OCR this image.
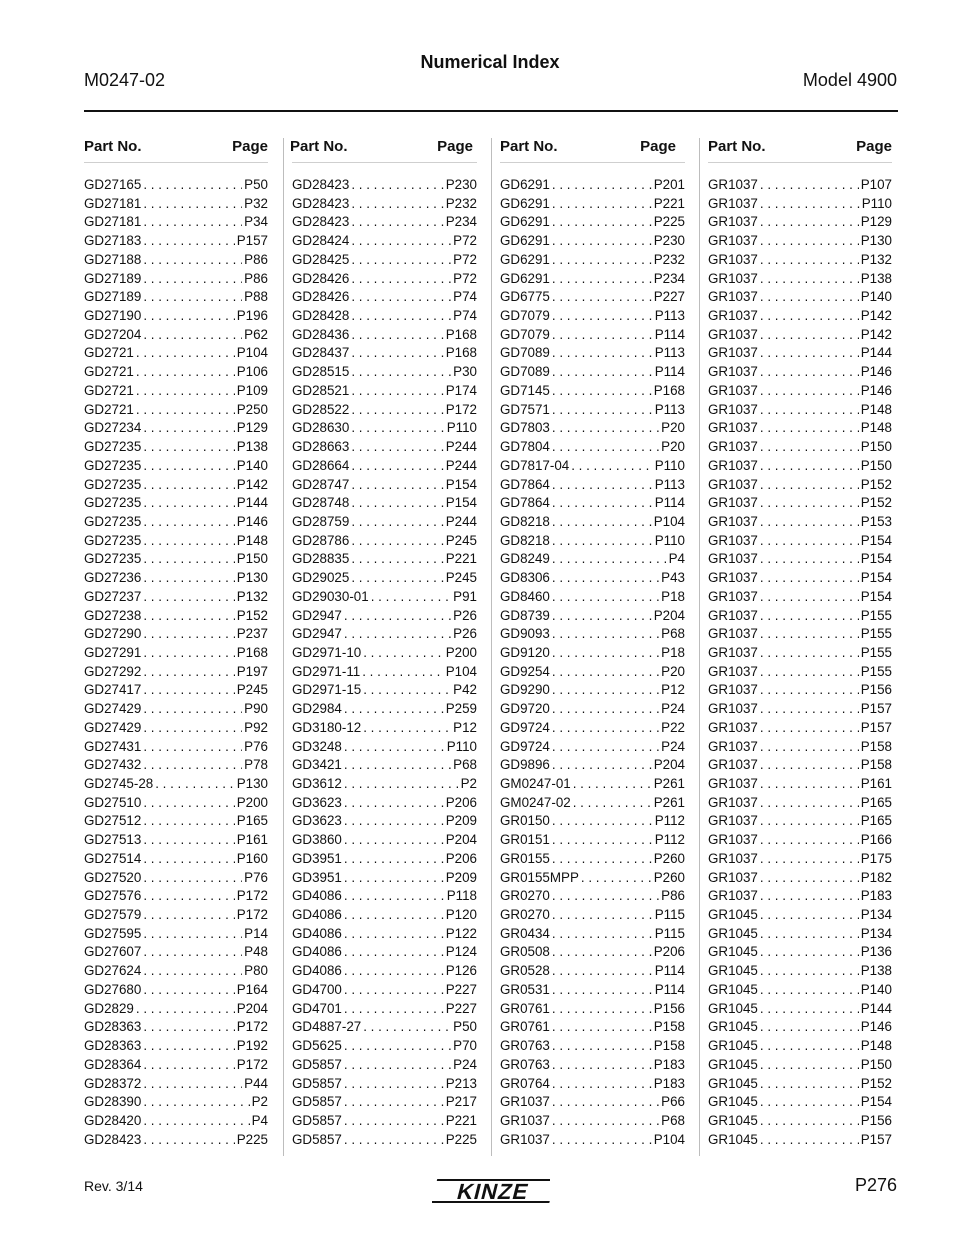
Numerical Index
M0247-02	Model 4900
Part No.	Page
GD27165 . . .	P50
GD27181 . . .	P32
GD27181 . . .	P34
GD27183 . . .	P157
GD27188 . . .	P86
GD27189 . . .	P86
GD27189 . . .	P88
GD27190 . . .	P196
GD27204 . . .	P62
GD2721 . . .	P104
GD2721 . . .	P106
GD2721 . . .	P109
GD2721 . . .	P250
GD27234 . . .	P129
GD27235 . . .	P138
GD27235 . . .	P140
GD27235 . . .	P142
GD27235 . . .	P144
GD27235 . . .	P146
GD27235 . . .	P148
GD27235 . . .	P150
GD27236 . . .	P130
GD27237 . . .	P132
GD27238 . . .	P152
GD27290 . . .	P237
GD27291 . . .	P168
GD27292 . . .	P197
GD27417 . . .	P245
GD27429 . . .	P90
GD27429 . . .	P92
GD27431 . . .	P76
GD27432 . . .	P78
GD2745-28 . . .	P130
GD27510 . . .	P200
GD27512 . . .	P165
GD27513 . . .	P161
GD27514 . . .	P160
GD27520 . . .	P76
GD27576 . . .	P172
GD27579 . . .	P172
GD27595 . . .	P14
GD27607 . . .	P48
GD27624 . . .	P80
GD27680 . . .	P164
GD2829 . . .	P204
GD28363 . . .	P172
GD28363 . . .	P192
GD28364 . . .	P172
GD28372 . . .	P44
GD28390 . . .	P2
GD28420 . . .	P4
GD28423 . . .	P225
Part No.	Page
GD28423 . . .	P230
GD28423 . . .	P232
GD28423 . . .	P234
GD28424 . . .	P72
GD28425 . . .	P72
GD28426 . . .	P72
GD28426 . . .	P74
GD28428 . . .	P74
GD28436 . . .	P168
GD28437 . . .	P168
GD28515 . . .	P30
GD28521 . . .	P174
GD28522 . . .	P172
GD28630 . . .	P110
GD28663 . . .	P244
GD28664 . . .	P244
GD28747 . . .	P154
GD28748 . . .	P154
GD28759 . . .	P244
GD28786 . . .	P245
GD28835 . . .	P221
GD29025 . . .	P245
GD29030-01 . . .	P91
GD2947 . . .	P26
GD2947 . . .	P26
GD2971-10 . . .	P200
GD2971-11 . . .	P104
GD2971-15 . . .	P42
GD2984 . . .	P259
GD3180-12 . . .	P12
GD3248 . . .	P110
GD3421 . . .	P68
GD3612 . . .	P2
GD3623 . . .	P206
GD3623 . . .	P209
GD3860 . . .	P204
GD3951 . . .	P206
GD3951 . . .	P209
GD4086 . . .	P118
GD4086 . . .	P120
GD4086 . . .	P122
GD4086 . . .	P124
GD4086 . . .	P126
GD4700 . . .	P227
GD4701 . . .	P227
GD4887-27 . . .	P50
GD5625 . . .	P70
GD5857 . . .	P24
GD5857 . . .	P213
GD5857 . . .	P217
GD5857 . . .	P221
GD5857 . . .	P225
Part No.	Page
GD6291 . . .	P201
GD6291 . . .	P221
GD6291 . . .	P225
GD6291 . . .	P230
GD6291 . . .	P232
GD6291 . . .	P234
GD6775 . . .	P227
GD7079 . . .	P113
GD7079 . . .	P114
GD7089 . . .	P113
GD7089 . . .	P114
GD7145 . . .	P168
GD7571 . . .	P113
GD7803 . . .	P20
GD7804 . . .	P20
GD7817-04 . . .	P110
GD7864 . . .	P113
GD7864 . . .	P114
GD8218 . . .	P104
GD8218 . . .	P110
GD8249 . . .	P4
GD8306 . . .	P43
GD8460 . . .	P18
GD8739 . . .	P204
GD9093 . . .	P68
GD9120 . . .	P18
GD9254 . . .	P20
GD9290 . . .	P12
GD9720 . . .	P24
GD9724 . . .	P22
GD9724 . . .	P24
GD9896 . . .	P204
GM0247-01 . . .	P261
GM0247-02 . . .	P261
GR0150 . . .	P112
GR0151 . . .	P112
GR0155 . . .	P260
GR0155MPP . . .	P260
GR0270 . . .	P86
GR0270 . . .	P115
GR0434 . . .	P115
GR0508 . . .	P206
GR0528 . . .	P114
GR0531 . . .	P114
GR0761 . . .	P156
GR0761 . . .	P158
GR0763 . . .	P158
GR0763 . . .	P183
GR0764 . . .	P183
GR1037 . . .	P66
GR1037 . . .	P68
GR1037 . . .	P104
Part No.	Page
GR1037 . . .	P107
GR1037 . . .	P110
GR1037 . . .	P129
GR1037 . . .	P130
GR1037 . . .	P132
GR1037 . . .	P138
GR1037 . . .	P140
GR1037 . . .	P142
GR1037 . . .	P142
GR1037 . . .	P144
GR1037 . . .	P146
GR1037 . . .	P146
GR1037 . . .	P148
GR1037 . . .	P148
GR1037 . . .	P150
GR1037 . . .	P150
GR1037 . . .	P152
GR1037 . . .	P152
GR1037 . . .	P153
GR1037 . . .	P154
GR1037 . . .	P154
GR1037 . . .	P154
GR1037 . . .	P154
GR1037 . . .	P155
GR1037 . . .	P155
GR1037 . . .	P155
GR1037 . . .	P155
GR1037 . . .	P156
GR1037 . . .	P157
GR1037 . . .	P157
GR1037 . . .	P158
GR1037 . . .	P158
GR1037 . . .	P161
GR1037 . . .	P165
GR1037 . . .	P165
GR1037 . . .	P166
GR1037 . . .	P175
GR1037 . . .	P182
GR1037 . . .	P183
GR1045 . . .	P134
GR1045 . . .	P134
GR1045 . . .	P136
GR1045 . . .	P138
GR1045 . . .	P140
GR1045 . . .	P144
GR1045 . . .	P146
GR1045 . . .	P148
GR1045 . . .	P150
GR1045 . . .	P152
GR1045 . . .	P154
GR1045 . . .	P156
GR1045 . . .	P157
Rev. 3/14	P276
KINZE
